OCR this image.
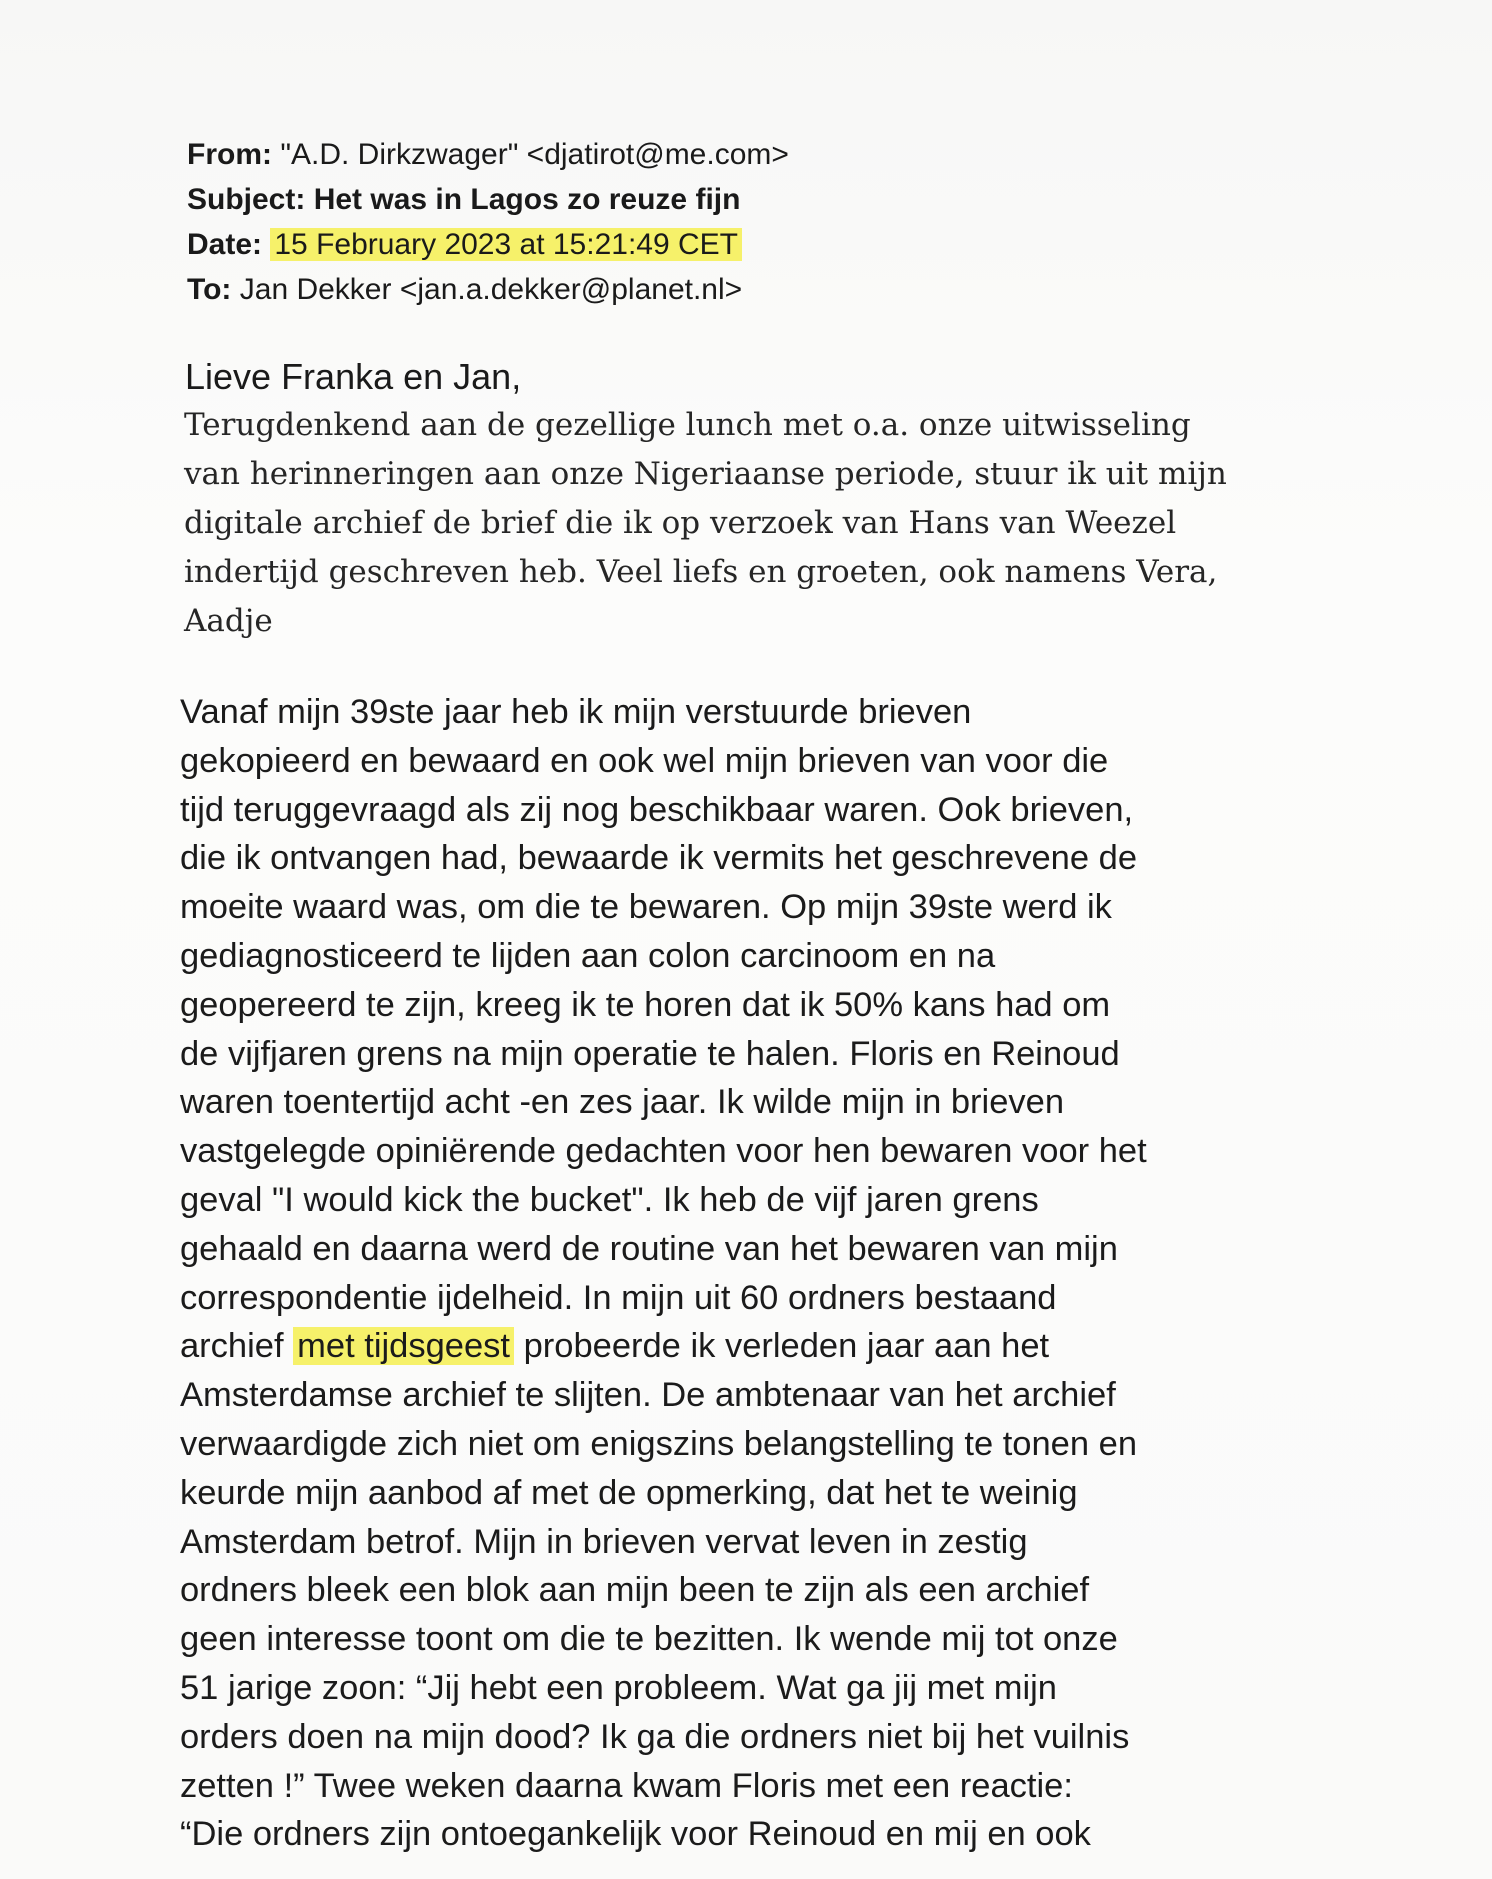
From: "A.D. Dirkzwager" <djatirot@me.com>
Subject: Het was in Lagos zo reuze fijn
Date: 15 February 2023 at 15:21:49 CET
To: Jan Dekker <jan.a.dekker@planet.nl>
Lieve Franka en Jan,
Terugdenkend aan de gezellige lunch met o.a. onze uitwisseling
van herinneringen aan onze Nigeriaanse periode, stuur ik uit mijn
digitale archief de brief die ik op verzoek van Hans van Weezel
indertijd geschreven heb. Veel liefs en groeten, ook namens Vera,
Aadje
Vanaf mijn 39ste jaar heb ik mijn verstuurde brieven
gekopieerd en bewaard en ook wel mijn brieven van voor die
tijd teruggevraagd als zij nog beschikbaar waren. Ook brieven,
die ik ontvangen had, bewaarde ik vermits het geschrevene de
moeite waard was, om die te bewaren. Op mijn 39ste werd ik
gediagnosticeerd te lijden aan colon carcinoom en na
geopereerd te zijn, kreeg ik te horen dat ik 50% kans had om
de vijfjaren grens na mijn operatie te halen. Floris en Reinoud
waren toentertijd acht -en zes jaar. Ik wilde mijn in brieven
vastgelegde opiniërende gedachten voor hen bewaren voor het
geval "I would kick the bucket". Ik heb de vijf jaren grens
gehaald en daarna werd de routine van het bewaren van mijn
correspondentie ijdelheid. In mijn uit 60 ordners bestaand
archief met tijdsgeest probeerde ik verleden jaar aan het
Amsterdamse archief te slijten. De ambtenaar van het archief
verwaardigde zich niet om enigszins belangstelling te tonen en
keurde mijn aanbod af met de opmerking, dat het te weinig
Amsterdam betrof. Mijn in brieven vervat leven in zestig
ordners bleek een blok aan mijn been te zijn als een archief
geen interesse toont om die te bezitten. Ik wende mij tot onze
51 jarige zoon: “Jij hebt een probleem. Wat ga jij met mijn
orders doen na mijn dood? Ik ga die ordners niet bij het vuilnis
zetten !” Twee weken daarna kwam Floris met een reactie:
“Die ordners zijn ontoegankelijk voor Reinoud en mij en ook
